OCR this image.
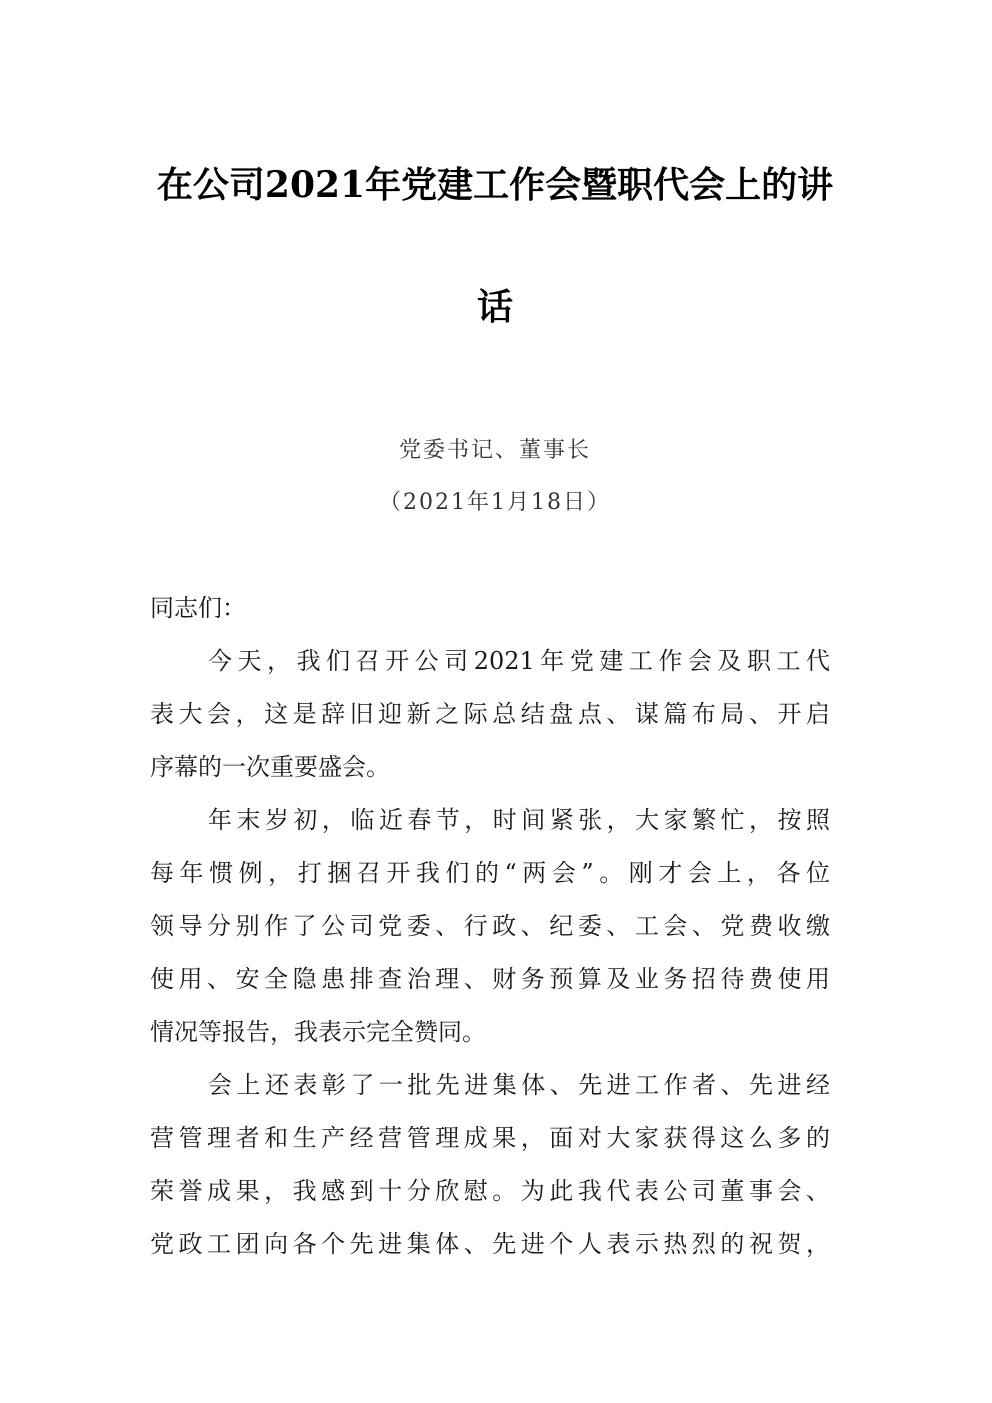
在公司2021年党建工作会暨职代会上的讲
话
党委书记、董事长
（2021年1月18日）
同志们：
今天，我们召开公司2021年党建工作会及职工代
表大会，这是辞旧迎新之际总结盘点、谋篇布局、开启
序幕的一次重要盛会。
年末岁初，临近春节，时间紧张，大家繁忙，按照
每年惯例，打捆召开我们的“两会”。刚才会上，各位
领导分别作了公司党委、行政、纪委、工会、党费收缴
使用、安全隐患排查治理、财务预算及业务招待费使用
情况等报告，我表示完全赞同。
会上还表彰了一批先进集体、先进工作者、先进经
营管理者和生产经营管理成果，面对大家获得这么多的
荣誉成果，我感到十分欣慰。为此我代表公司董事会、
党政工团向各个先进集体、先进个人表示热烈的祝贺，
